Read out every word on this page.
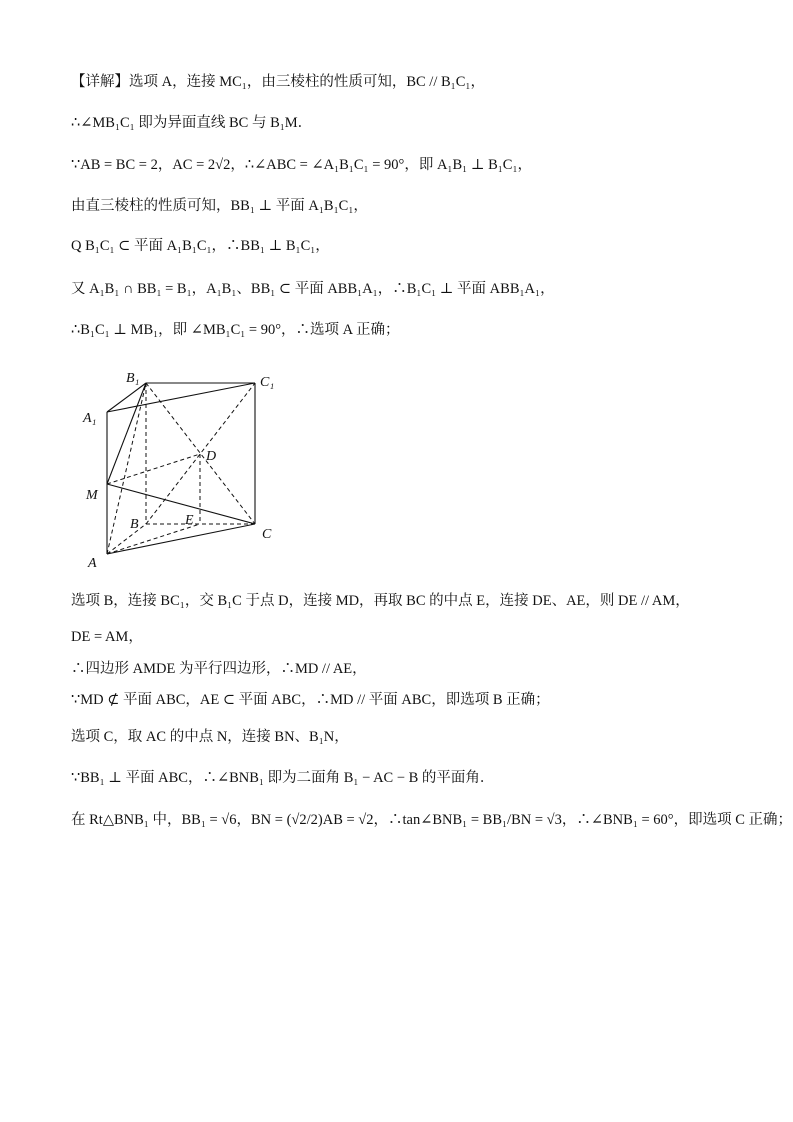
【详解】选项 A，连接 MC₁，由三棱柱的性质可知，BC // B₁C₁，
∴∠MB₁C₁ 即为异面直线 BC 与 B₁M．
∵AB = BC = 2，AC = 2√2，∴∠ABC = ∠A₁B₁C₁ = 90°，即 A₁B₁ ⊥ B₁C₁，
由直三棱柱的性质可知，BB₁ ⊥ 平面 A₁B₁C₁，
Q B₁C₁ ⊂ 平面 A₁B₁C₁，∴BB₁ ⊥ B₁C₁，
又 A₁B₁ ∩ BB₁ = B₁，A₁B₁、BB₁ ⊂ 平面 ABB₁A₁，∴B₁C₁ ⊥ 平面 ABB₁A₁，
∴B₁C₁ ⊥ MB₁，即 ∠MB₁C₁ = 90°，∴选项 A 正确；
B₁	C₁
A₁
D
M
B	E
C
A
选项 B，连接 BC₁，交 B₁C 于点 D，连接 MD，再取 BC 的中点 E，连接 DE、AE，则 DE // AM，
DE = AM，
∴四边形 AMDE 为平行四边形，∴MD // AE，
∵MD ⊄ 平面 ABC，AE ⊂ 平面 ABC，∴MD // 平面 ABC，即选项 B 正确；
选项 C，取 AC 的中点 N，连接 BN、B₁N，
∵BB₁ ⊥ 平面 ABC，∴∠BNB₁ 即为二面角 B₁ − AC − B 的平面角．
在 Rt△BNB₁ 中，BB₁ = √6，BN = (√2/2)AB = √2，∴tan∠BNB₁ = BB₁/BN = √3，∴∠BNB₁ = 60°，即选项 C 正确；
